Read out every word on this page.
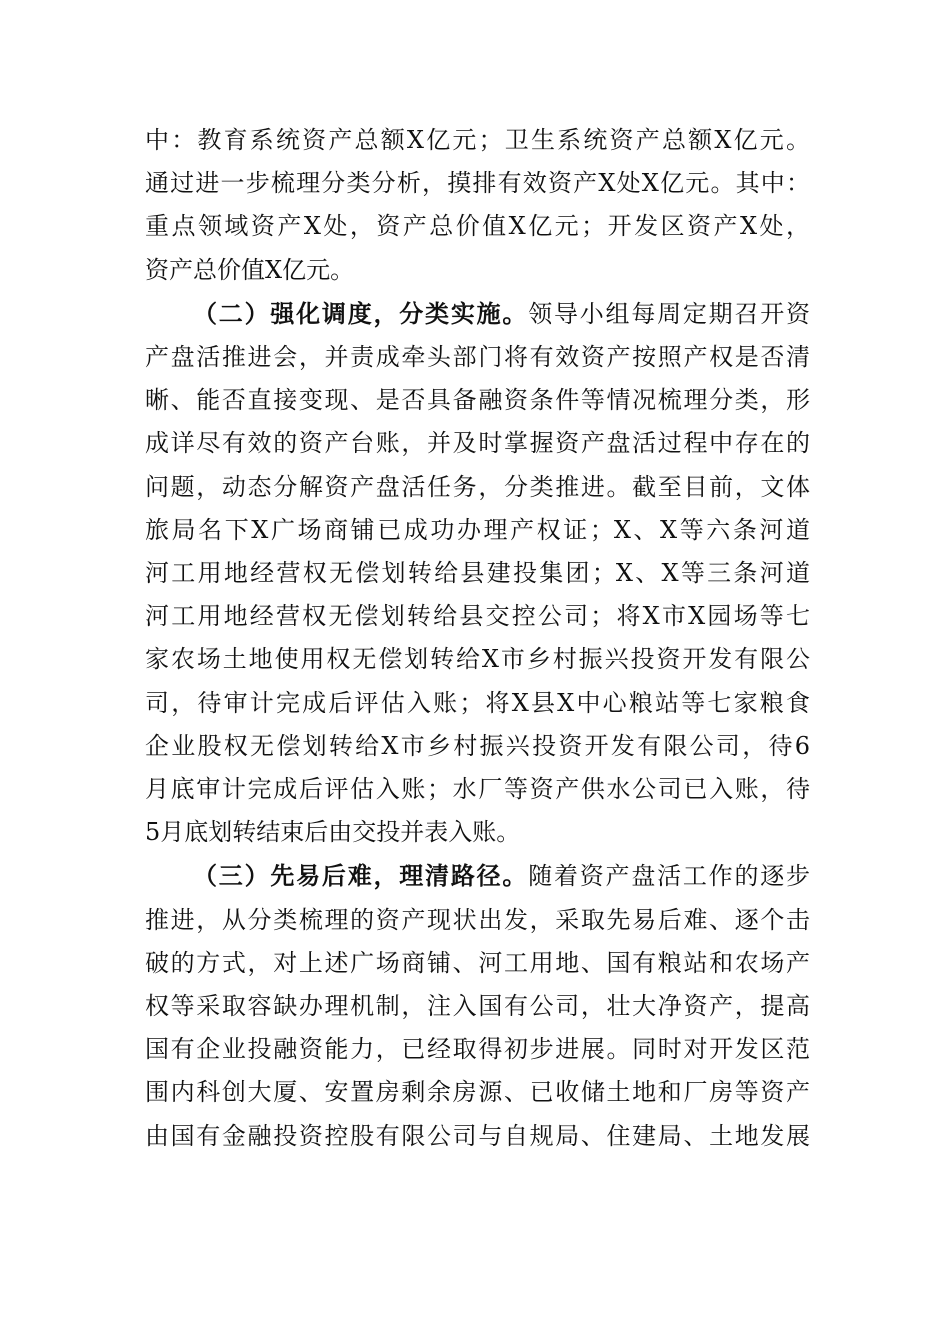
中：教育系统资产总额X亿元；卫生系统资产总额X亿元。
通过进一步梳理分类分析，摸排有效资产X处X亿元。其中：
重点领域资产X处，资产总价值X亿元；开发区资产X处，
资产总价值X亿元。
（二）强化调度，分类实施。领导小组每周定期召开资
产盘活推进会，并责成牵头部门将有效资产按照产权是否清
晰、能否直接变现、是否具备融资条件等情况梳理分类，形
成详尽有效的资产台账，并及时掌握资产盘活过程中存在的
问题，动态分解资产盘活任务，分类推进。截至目前，文体
旅局名下X广场商铺已成功办理产权证；X、X等六条河道
河工用地经营权无偿划转给县建投集团；X、X等三条河道
河工用地经营权无偿划转给县交控公司；将X市X园场等七
家农场土地使用权无偿划转给X市乡村振兴投资开发有限公
司，待审计完成后评估入账；将X县X中心粮站等七家粮食
企业股权无偿划转给X市乡村振兴投资开发有限公司，待6
月底审计完成后评估入账；水厂等资产供水公司已入账，待
5月底划转结束后由交投并表入账。
（三）先易后难，理清路径。随着资产盘活工作的逐步
推进，从分类梳理的资产现状出发，采取先易后难、逐个击
破的方式，对上述广场商铺、河工用地、国有粮站和农场产
权等采取容缺办理机制，注入国有公司，壮大净资产，提高
国有企业投融资能力，已经取得初步进展。同时对开发区范
围内科创大厦、安置房剩余房源、已收储土地和厂房等资产
由国有金融投资控股有限公司与自规局、住建局、土地发展
